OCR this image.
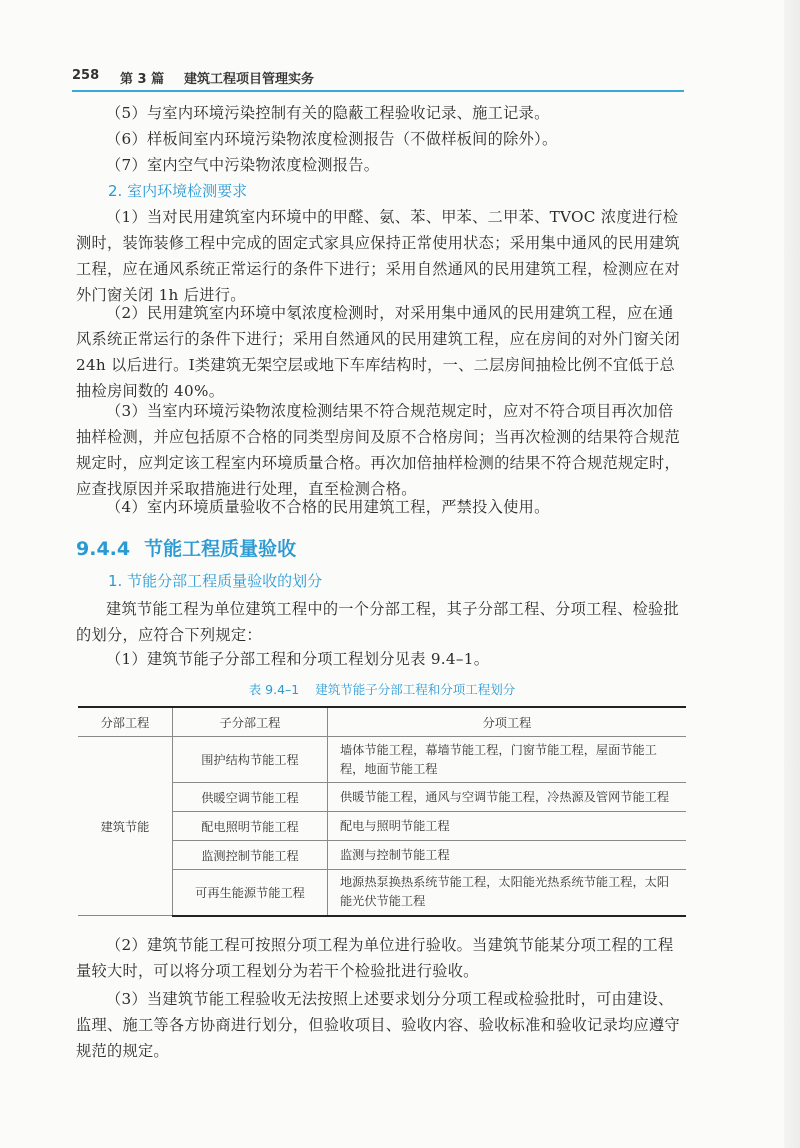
258 第 3 篇 建筑工程项目管理实务
（5）与室内环境污染控制有关的隐蔽工程验收记录、施工记录。
（6）样板间室内环境污染物浓度检测报告（不做样板间的除外）。
（7）室内空气中污染物浓度检测报告。
2. 室内环境检测要求
（1）当对民用建筑室内环境中的甲醛、氨、苯、甲苯、二甲苯、TVOC 浓度进行检测时，装饰装修工程中完成的固定式家具应保持正常使用状态；采用集中通风的民用建筑工程，应在通风系统正常运行的条件下进行；采用自然通风的民用建筑工程，检测应在对外门窗关闭 1h 后进行。
（2）民用建筑室内环境中氡浓度检测时，对采用集中通风的民用建筑工程，应在通风系统正常运行的条件下进行；采用自然通风的民用建筑工程，应在房间的对外门窗关闭 24h 以后进行。Ⅰ类建筑无架空层或地下车库结构时，一、二层房间抽检比例不宜低于总抽检房间数的 40%。
（3）当室内环境污染物浓度检测结果不符合规范规定时，应对不符合项目再次加倍抽样检测，并应包括原不合格的同类型房间及原不合格房间；当再次检测的结果符合规范规定时，应判定该工程室内环境质量合格。再次加倍抽样检测的结果不符合规范规定时，应查找原因并采取措施进行处理，直至检测合格。
（4）室内环境质量验收不合格的民用建筑工程，严禁投入使用。
9.4.4 节能工程质量验收
1. 节能分部工程质量验收的划分
建筑节能工程为单位建筑工程中的一个分部工程，其子分部工程、分项工程、检验批的划分，应符合下列规定：
（1）建筑节能子分部工程和分项工程划分见表 9.4–1。
表 9.4–1 建筑节能子分部工程和分项工程划分
分部工程	子分部工程	分项工程
建筑节能	围护结构节能工程	墙体节能工程，幕墙节能工程，门窗节能工程，屋面节能工程，地面节能工程
	供暖空调节能工程	供暖节能工程，通风与空调节能工程，冷热源及管网节能工程
	配电照明节能工程	配电与照明节能工程
	监测控制节能工程	监测与控制节能工程
	可再生能源节能工程	地源热泵换热系统节能工程，太阳能光热系统节能工程，太阳能光伏节能工程
（2）建筑节能工程可按照分项工程为单位进行验收。当建筑节能某分项工程的工程量较大时，可以将分项工程划分为若干个检验批进行验收。
（3）当建筑节能工程验收无法按照上述要求划分分项工程或检验批时，可由建设、监理、施工等各方协商进行划分，但验收项目、验收内容、验收标准和验收记录均应遵守规范的规定。
